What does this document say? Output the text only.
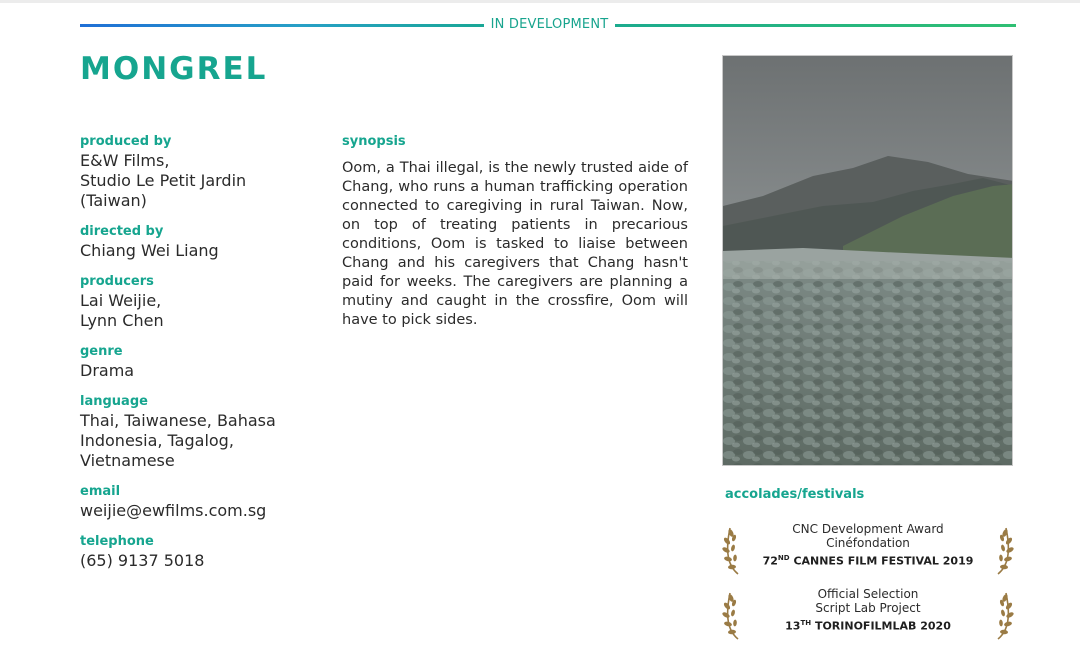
IN DEVELOPMENT
MONGREL
produced by
E&W Films,
Studio Le Petit Jardin
(Taiwan)
directed by
Chiang Wei Liang
producers
Lai Weijie,
Lynn Chen
genre
Drama
language
Thai, Taiwanese, Bahasa
Indonesia, Tagalog,
Vietnamese
email
weijie@ewfilms.com.sg
telephone
(65) 9137 5018
synopsis

Oom, a Thai illegal, is the newly trusted aide of Chang, who runs a human trafficking operation connected to caregiving in rural Taiwan. Now, on top of treating patients in precarious conditions, Oom is tasked to liaise between Chang and his caregivers that Chang hasn't paid for weeks. The caregivers are planning a mutiny and caught in the crossfire, Oom will have to pick sides.

accolades/festivals
CNC Development Award
Cinéfondation
72ND CANNES FILM FESTIVAL 2019
Official Selection
Script Lab Project
13TH TORINOFILMLAB 2020
